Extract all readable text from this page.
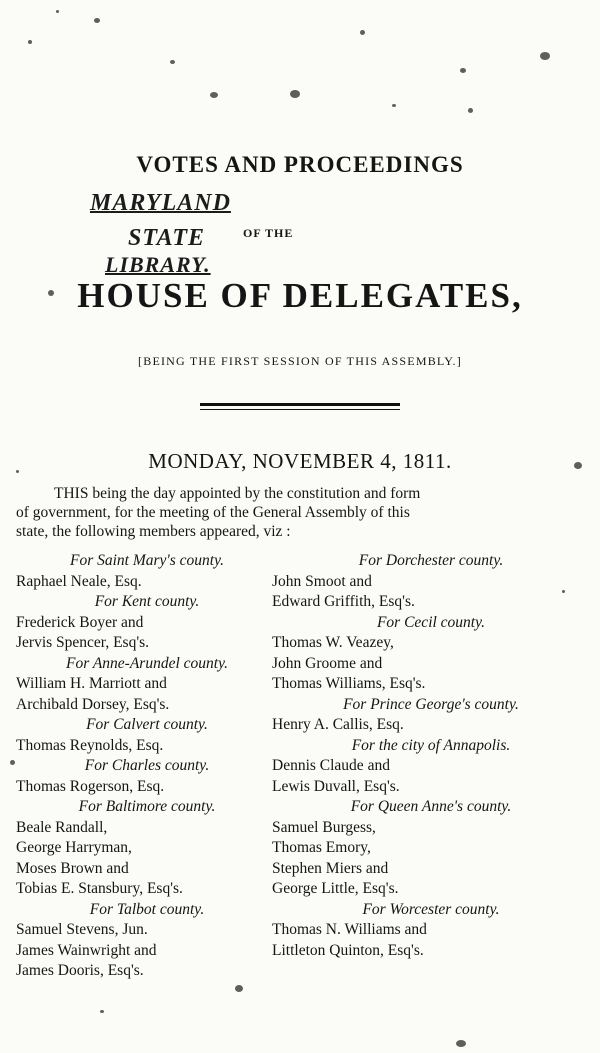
VOTES AND PROCEEDINGS
MARYLAND
STATE
LIBRARY.
OF THE
HOUSE OF DELEGATES,
[BEING THE FIRST SESSION OF THIS ASSEMBLY.]
MONDAY, NOVEMBER 4, 1811.

THIS being the day appointed by the constitution and form

of government, for the meeting of the General Assembly of this

state, the following members appeared, viz :

For Saint Mary's county.
Raphael Neale, Esq.
For Kent county.
Frederick Boyer and
Jervis Spencer, Esq's.
For Anne-Arundel county.
William H. Marriott and
Archibald Dorsey, Esq's.
For Calvert county.
Thomas Reynolds, Esq.
For Charles county.
Thomas Rogerson, Esq.
For Baltimore county.
Beale Randall,
George Harryman,
Moses Brown and
Tobias E. Stansbury, Esq's.
For Talbot county.
Samuel Stevens, Jun.
James Wainwright and
James Dooris, Esq's.
For Dorchester county.
John Smoot and
Edward Griffith, Esq's.
For Cecil county.
Thomas W. Veazey,
John Groome and
Thomas Williams, Esq's.
For Prince George's county.
Henry A. Callis, Esq.
For the city of Annapolis.
Dennis Claude and
Lewis Duvall, Esq's.
For Queen Anne's county.
Samuel Burgess,
Thomas Emory,
Stephen Miers and
George Little, Esq's.
For Worcester county.
Thomas N. Williams and
Littleton Quinton, Esq's.
